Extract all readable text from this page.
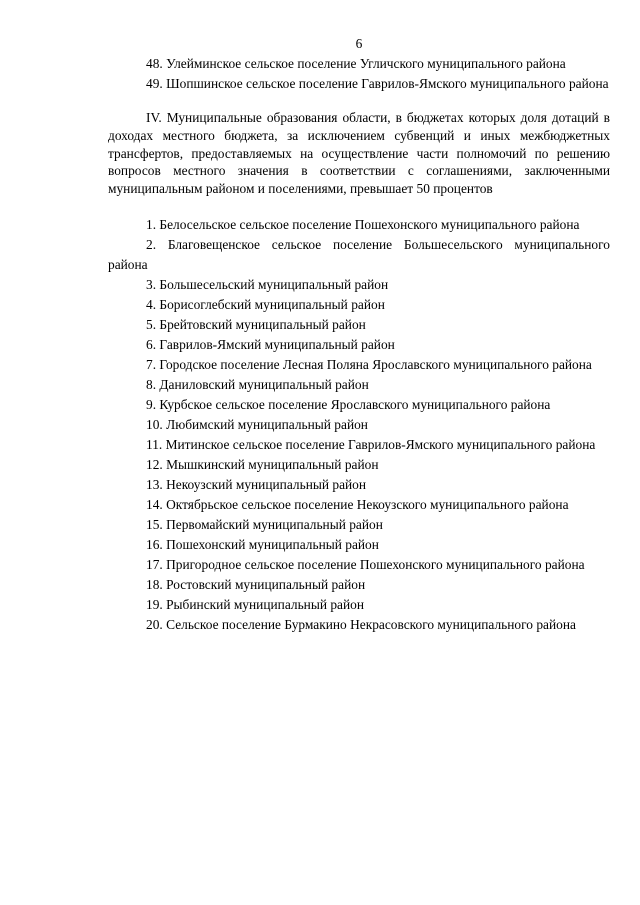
6

48. Улейминское сельское поселение Угличского муниципального района

49. Шопшинское сельское поселение Гаврилов-Ямского муниципального района

IV. Муниципальные образования области, в бюджетах которых доля дотаций в доходах местного бюджета, за исключением субвенций и иных межбюджетных трансфертов, предоставляемых на осуществление части полномочий по решению вопросов местного значения в соответствии с соглашениями, заключенными муниципальным районом и поселениями, превышает 50 процентов

1. Белосельское сельское поселение Пошехонского муниципального района

2. Благовещенское сельское поселение Большесельского муниципального района

3. Большесельский муниципальный район

4. Борисоглебский муниципальный район

5. Брейтовский муниципальный район

6. Гаврилов-Ямский муниципальный район

7. Городское поселение Лесная Поляна Ярославского муниципального района

8. Даниловский муниципальный район

9. Курбское сельское поселение Ярославского муниципального района

10. Любимский муниципальный район

11. Митинское сельское поселение Гаврилов-Ямского муниципального района

12. Мышкинский муниципальный район

13. Некоузский муниципальный район

14. Октябрьское сельское поселение Некоузского муниципального района

15. Первомайский муниципальный район

16. Пошехонский муниципальный район

17. Пригородное сельское поселение Пошехонского муниципального района

18. Ростовский муниципальный район

19. Рыбинский муниципальный район

20. Сельское поселение Бурмакино Некрасовского муниципального района
